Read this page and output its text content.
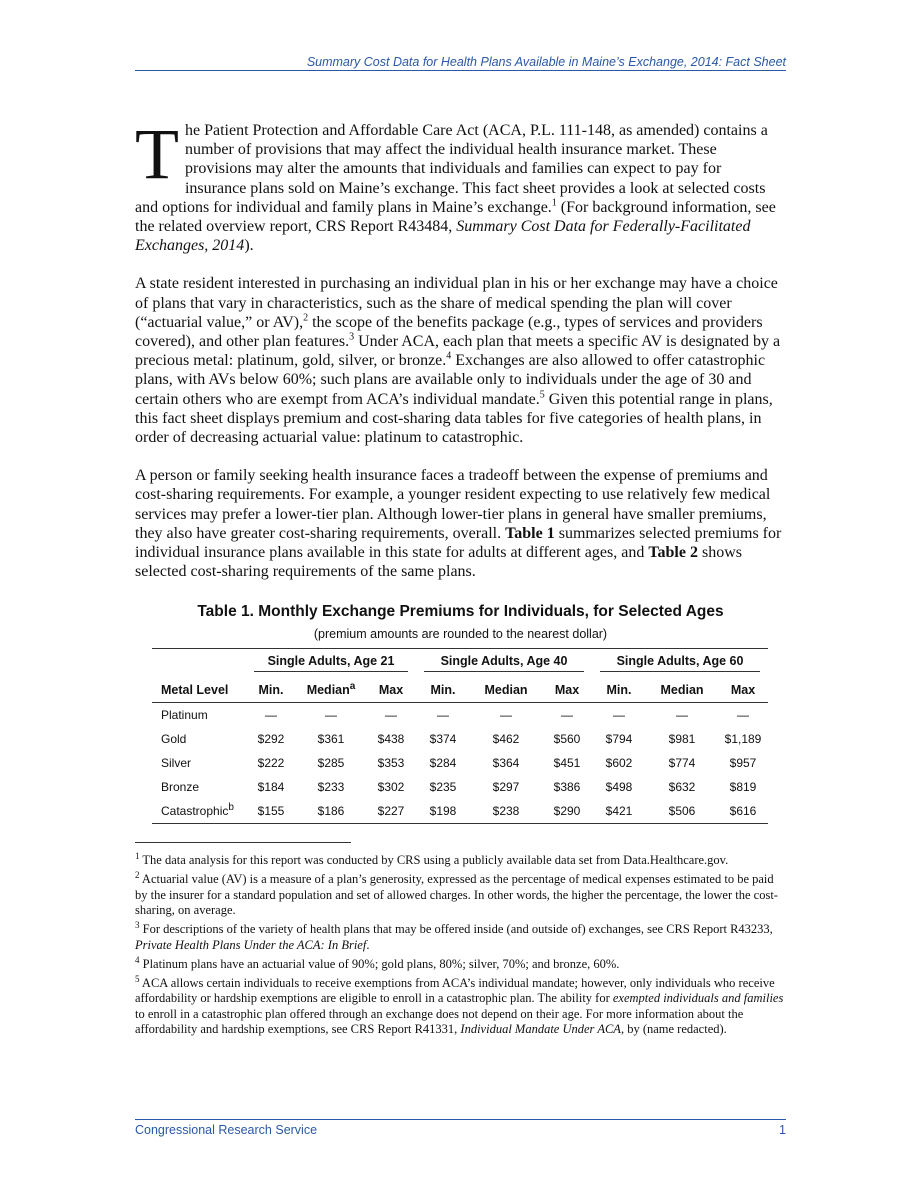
Summary Cost Data for Health Plans Available in Maine’s Exchange, 2014: Fact Sheet

The Patient Protection and Affordable Care Act (ACA, P.L. 111-148, as amended) contains a number of provisions that may affect the individual health insurance market. These provisions may alter the amounts that individuals and families can expect to pay for insurance plans sold on Maine’s exchange. This fact sheet provides a look at selected costs and options for individual and family plans in Maine’s exchange.$^1$ (For background information, see the related overview report, CRS Report R43484, Summary Cost Data for Federally-Facilitated Exchanges, 2014).

A state resident interested in purchasing an individual plan in his or her exchange may have a choice of plans that vary in characteristics, such as the share of medical spending the plan will cover (“actuarial value,” or AV),$^2$ the scope of the benefits package (e.g., types of services and providers covered), and other plan features.$^3$ Under ACA, each plan that meets a specific AV is designated by a precious metal: platinum, gold, silver, or bronze.$^4$ Exchanges are also allowed to offer catastrophic plans, with AVs below 60%; such plans are available only to individuals under the age of 30 and certain others who are exempt from ACA’s individual mandate.$^5$ Given this potential range in plans, this fact sheet displays premium and cost-sharing data tables for five categories of health plans, in order of decreasing actuarial value: platinum to catastrophic.

A person or family seeking health insurance faces a tradeoff between the expense of premiums and cost-sharing requirements. For example, a younger resident expecting to use relatively few medical services may prefer a lower-tier plan. Although lower-tier plans in general have smaller premiums, they also have greater cost-sharing requirements, overall. Table 1 summarizes selected premiums for individual insurance plans available in this state for adults at different ages, and Table 2 shows selected cost-sharing requirements of the same plans.

Table 1. Monthly Exchange Premiums for Individuals, for Selected Ages
(premium amounts are rounded to the nearest dollar)

	Single Adults, Age 21			Single Adults, Age 40			Single Adults, Age 60		

Metal Level	Min.	Median$^a$	Max	Min.	Median	Max	Min.	Median	Max
Platinum	—	—	—	—	—	—	—	—	—
Gold	$292	$361	$438	$374	$462	$560	$794	$981	$1,189
Silver	$222	$285	$353	$284	$364	$451	$602	$774	$957
Bronze	$184	$233	$302	$235	$297	$386	$498	$632	$819
Catastrophic$^b$	$155	$186	$227	$198	$238	$290	$421	$506	$616

$^1$ The data analysis for this report was conducted by CRS using a publicly available data set from Data.Healthcare.gov.

$^2$ Actuarial value (AV) is a measure of a plan’s generosity, expressed as the percentage of medical expenses estimated to be paid by the insurer for a standard population and set of allowed charges. In other words, the higher the percentage, the lower the cost-sharing, on average.

$^3$ For descriptions of the variety of health plans that may be offered inside (and outside of) exchanges, see CRS Report R43233, Private Health Plans Under the ACA: In Brief.

$^4$ Platinum plans have an actuarial value of 90%; gold plans, 80%; silver, 70%; and bronze, 60%.

$^5$ ACA allows certain individuals to receive exemptions from ACA’s individual mandate; however, only individuals who receive affordability or hardship exemptions are eligible to enroll in a catastrophic plan. The ability for exempted individuals and families to enroll in a catastrophic plan offered through an exchange does not depend on their age. For more information about the affordability and hardship exemptions, see CRS Report R41331, Individual Mandate Under ACA, by (name redacted).

Congressional Research Service	1
